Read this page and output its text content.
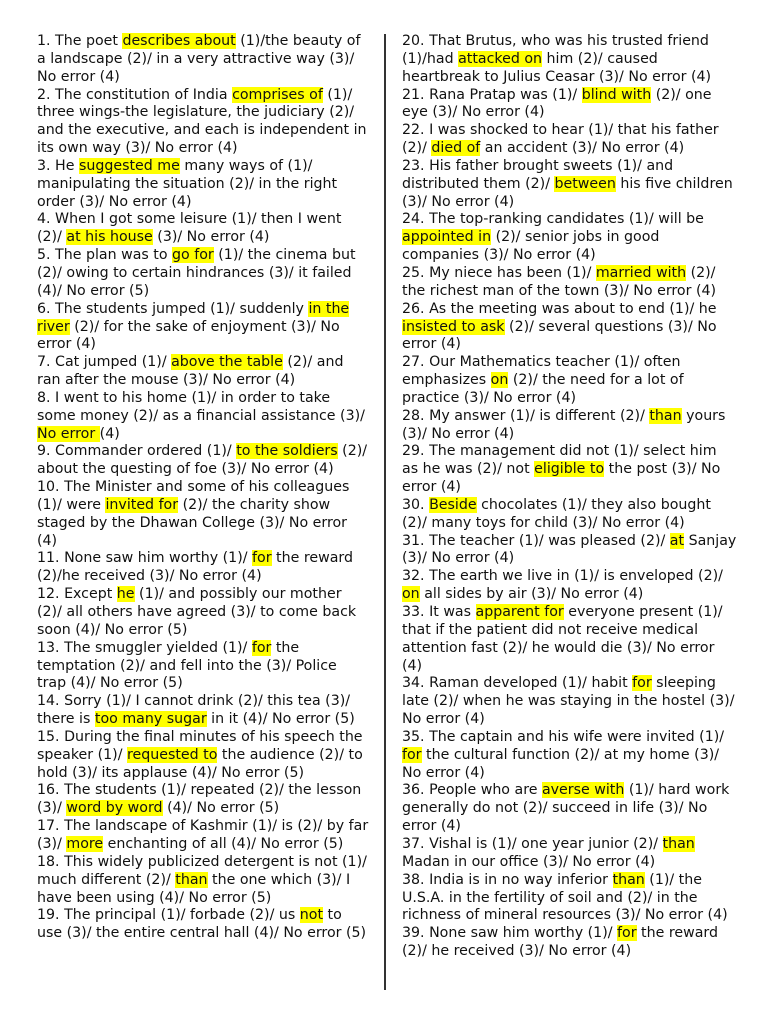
1. The poet describes about (1)/the beauty of a landscape (2)/ in a very attractive way (3)/ No error (4)

2. The constitution of India comprises of (1)/ three wings-the legislature, the judiciary (2)/ and the executive, and each is independent in its own way (3)/ No error (4)

3. He suggested me many ways of (1)/ manipulating the situation (2)/ in the right order (3)/ No error (4)

4. When I got some leisure (1)/ then I went (2)/ at his house (3)/ No error (4)

5. The plan was to go for (1)/ the cinema but (2)/ owing to certain hindrances (3)/ it failed (4)/ No error (5)

6. The students jumped (1)/ suddenly in the river (2)/ for the sake of enjoyment (3)/ No error (4)

7. Cat jumped (1)/ above the table (2)/ and ran after the mouse (3)/ No error (4)

8. I went to his home (1)/ in order to take some money (2)/ as a financial assistance (3)/ No error (4)

9. Commander ordered (1)/ to the soldiers (2)/ about the questing of foe (3)/ No error (4)

10. The Minister and some of his colleagues (1)/ were invited for (2)/ the charity show staged by the Dhawan College (3)/ No error (4)

11. None saw him worthy (1)/ for the reward (2)/he received (3)/ No error (4)

12. Except he (1)/ and possibly our mother (2)/ all others have agreed (3)/ to come back soon (4)/ No error (5)

13. The smuggler yielded (1)/ for the temptation (2)/ and fell into the (3)/ Police trap (4)/ No error (5)

14. Sorry (1)/ I cannot drink (2)/ this tea (3)/ there is too many sugar in it (4)/ No error (5)

15. During the final minutes of his speech the speaker (1)/ requested to the audience (2)/ to hold (3)/ its applause (4)/ No error (5)

16. The students (1)/ repeated (2)/ the lesson (3)/ word by word (4)/ No error (5)

17. The landscape of Kashmir (1)/ is (2)/ by far (3)/ more enchanting of all (4)/ No error (5)

18. This widely publicized detergent is not (1)/ much different (2)/ than the one which (3)/ I have been using (4)/ No error (5)

19. The principal (1)/ forbade (2)/ us not to use (3)/ the entire central hall (4)/ No error (5)

20. That Brutus, who was his trusted friend (1)/had attacked on him (2)/ caused heartbreak to Julius Ceasar (3)/ No error (4)

21. Rana Pratap was (1)/ blind with (2)/ one eye (3)/ No error (4)

22. I was shocked to hear (1)/ that his father (2)/ died of an accident (3)/ No error (4)

23. His father brought sweets (1)/ and distributed them (2)/ between his five children (3)/ No error (4)

24. The top-ranking candidates (1)/ will be appointed in (2)/ senior jobs in good companies (3)/ No error (4)

25. My niece has been (1)/ married with (2)/ the richest man of the town (3)/ No error (4)

26. As the meeting was about to end (1)/ he insisted to ask (2)/ several questions (3)/ No error (4)

27. Our Mathematics teacher (1)/ often emphasizes on (2)/ the need for a lot of practice (3)/ No error (4)

28. My answer (1)/ is different (2)/ than yours (3)/ No error (4)

29. The management did not (1)/ select him as he was (2)/ not eligible to the post (3)/ No error (4)

30. Beside chocolates (1)/ they also bought (2)/ many toys for child (3)/ No error (4)

31. The teacher (1)/ was pleased (2)/ at Sanjay (3)/ No error (4)

32. The earth we live in (1)/ is enveloped (2)/ on all sides by air (3)/ No error (4)

33. It was apparent for everyone present (1)/ that if the patient did not receive medical attention fast (2)/ he would die (3)/ No error (4)

34. Raman developed (1)/ habit for sleeping late (2)/ when he was staying in the hostel (3)/ No error (4)

35. The captain and his wife were invited (1)/ for the cultural function (2)/ at my home (3)/ No error (4)

36. People who are averse with (1)/ hard work generally do not (2)/ succeed in life (3)/ No error (4)

37. Vishal is (1)/ one year junior (2)/ than Madan in our office (3)/ No error (4)

38. India is in no way inferior than (1)/ the U.S.A. in the fertility of soil and (2)/ in the richness of mineral resources (3)/ No error (4)

39. None saw him worthy (1)/ for the reward (2)/ he received (3)/ No error (4)
